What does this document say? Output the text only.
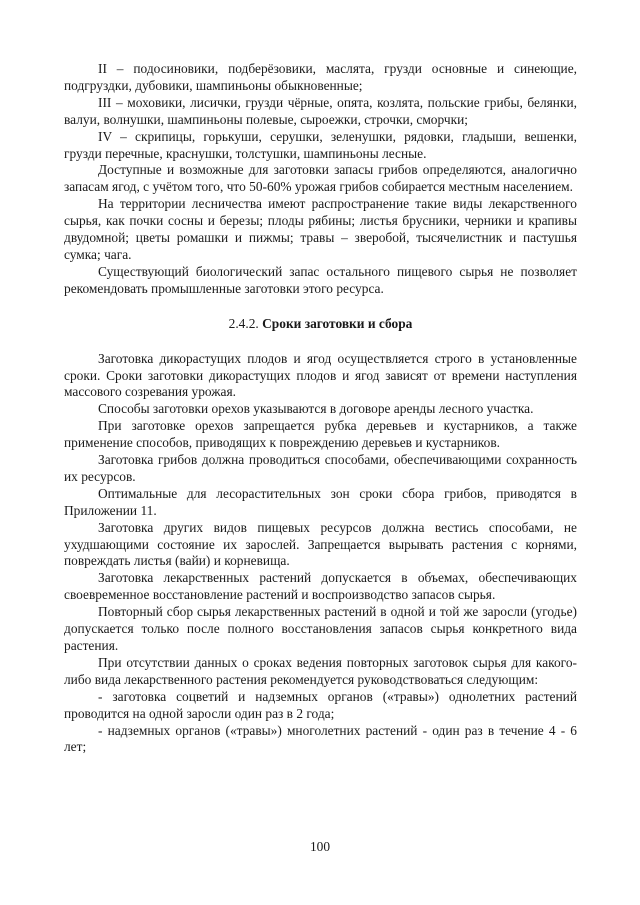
II – подосиновики, подберёзовики, маслята, грузди основные и синеющие, подгруздки, дубовики, шампиньоны обыкновенные;

III – моховики, лисички, грузди чёрные, опята, козлята, польские грибы, белянки, валуи, волнушки, шампиньоны полевые, сыроежки, строчки, сморчки;

IV – скрипицы, горькуши, серушки, зеленушки, рядовки, гладыши, вешенки, грузди перечные, краснушки, толстушки, шампиньоны лесные.

Доступные и возможные для заготовки запасы грибов определяются, аналогично запасам ягод, с учётом того, что 50-60% урожая грибов собирается местным населением.

На территории лесничества имеют распространение такие виды лекарственного сырья, как почки сосны и березы; плоды рябины; листья брусники, черники и крапивы двудомной; цветы ромашки и пижмы; травы – зверобой, тысячелистник и пастушья сумка; чага.

Существующий биологический запас остального пищевого сырья не позволяет рекомендовать промышленные заготовки этого ресурса.

2.4.2. Сроки заготовки и сбора

Заготовка дикорастущих плодов и ягод осуществляется строго в установленные сроки. Сроки заготовки дикорастущих плодов и ягод зависят от времени наступления массового созревания урожая.

Способы заготовки орехов указываются в договоре аренды лесного участка.

При заготовке орехов запрещается рубка деревьев и кустарников, а также применение способов, приводящих к повреждению деревьев и кустарников.

Заготовка грибов должна проводиться способами, обеспечивающими сохранность их ресурсов.

Оптимальные для лесорастительных зон сроки сбора грибов, приводятся в Приложении 11.

Заготовка других видов пищевых ресурсов должна вестись способами, не ухудшающими состояние их зарослей. Запрещается вырывать растения с корнями, повреждать листья (вайи) и корневища.

Заготовка лекарственных растений допускается в объемах, обеспечивающих своевременное восстановление растений и воспроизводство запасов сырья.

Повторный сбор сырья лекарственных растений в одной и той же заросли (угодье) допускается только после полного восстановления запасов сырья конкретного вида растения.

При отсутствии данных о сроках ведения повторных заготовок сырья для какого-либо вида лекарственного растения рекомендуется руководствоваться следующим:

- заготовка соцветий и надземных органов («травы») однолетних растений проводится на одной заросли один раз в 2 года;

- надземных органов («травы») многолетних растений - один раз в течение 4 - 6 лет;

100
